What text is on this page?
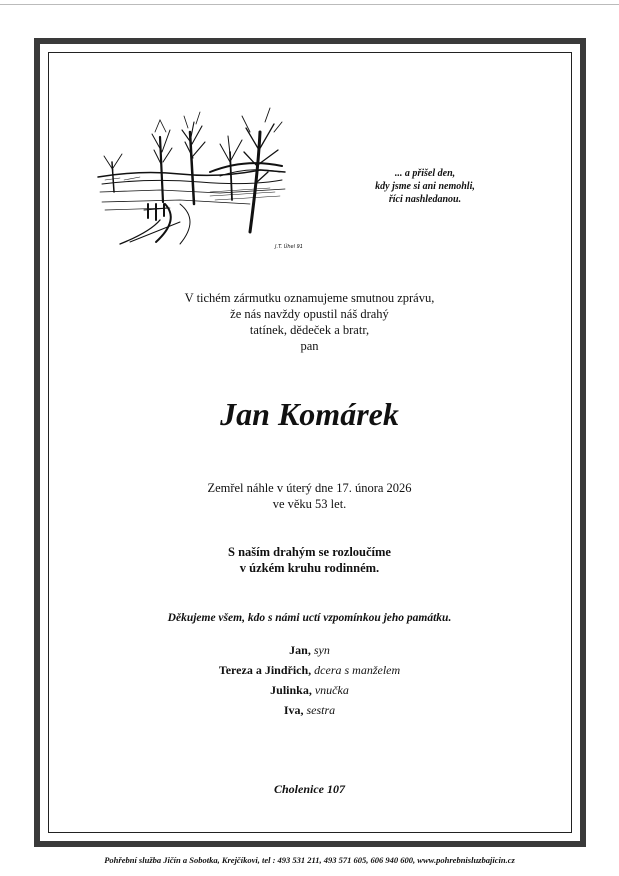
J.T. Úhel 91
... a přišel den,
kdy jsme si ani nemohli,
říci nashledanou.
V tichém zármutku oznamujeme smutnou zprávu,
že nás navždy opustil náš drahý
tatínek, dědeček a bratr,
pan
Jan Komárek
Zemřel náhle v úterý dne 17. února 2026
ve věku 53 let.
S naším drahým se rozloučíme
v úzkém kruhu rodinném.
Děkujeme všem, kdo s námi uctí vzpomínkou jeho památku.
Jan, syn
Tereza a Jindřich, dcera s manželem
Julinka, vnučka
Iva, sestra
Cholenice 107
Pohřební služba Jičín a Sobotka, Krejčíkovi, tel : 493 531 211, 493 571 605, 606 940 600, www.pohrebnisluzbajicin.cz
